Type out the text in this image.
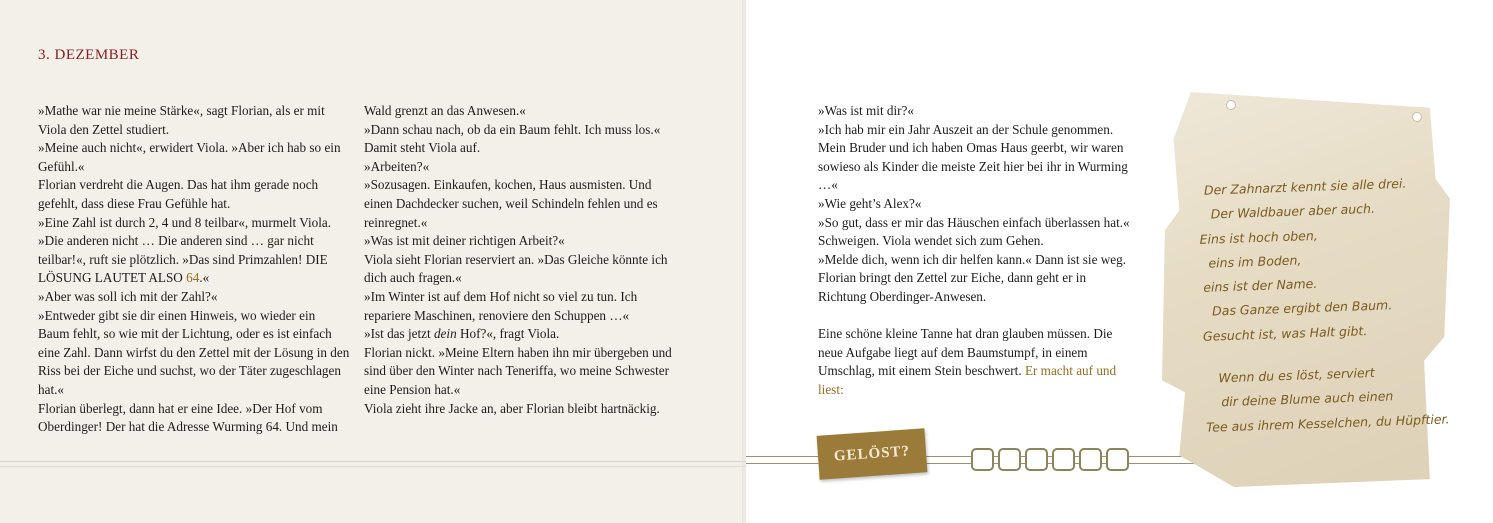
3. DEZEMBER

»Mathe war nie meine Stärke«, sagt Florian, als er mit Viola den Zettel studiert.

»Meine auch nicht«, erwidert Viola. »Aber ich hab so ein Gefühl.«

Florian verdreht die Augen. Das hat ihm gerade noch gefehlt, dass diese Frau Gefühle hat.

»Eine Zahl ist durch 2, 4 und 8 teilbar«, murmelt Viola.

»Die anderen nicht … Die anderen sind … gar nicht teilbar!«, ruft sie plötzlich. »Das sind Primzahlen! DIE LÖSUNG LAUTET ALSO 64.«

»Aber was soll ich mit der Zahl?«

»Entweder gibt sie dir einen Hinweis, wo wieder ein Baum fehlt, so wie mit der Lichtung, oder es ist einfach eine Zahl. Dann wirfst du den Zettel mit der Lösung in den Riss bei der Eiche und suchst, wo der Täter zugeschlagen hat.«

Florian überlegt, dann hat er eine Idee. »Der Hof vom Oberdinger! Der hat die Adresse Wurming 64. Und mein

Wald grenzt an das Anwesen.«

»Dann schau nach, ob da ein Baum fehlt. Ich muss los.« Damit steht Viola auf.

»Arbeiten?«

»Sozusagen. Einkaufen, kochen, Haus ausmisten. Und einen Dachdecker suchen, weil Schindeln fehlen und es reinregnet.«

»Was ist mit deiner richtigen Arbeit?«

Viola sieht Florian reserviert an. »Das Gleiche könnte ich dich auch fragen.«

»Im Winter ist auf dem Hof nicht so viel zu tun. Ich repariere Maschinen, renoviere den Schuppen …«

»Ist das jetzt dein Hof?«, fragt Viola.

Florian nickt. »Meine Eltern haben ihn mir übergeben und sind über den Winter nach Teneriffa, wo meine Schwester eine Pension hat.«

Viola zieht ihre Jacke an, aber Florian bleibt hartnäckig.

»Was ist mit dir?«

»Ich hab mir ein Jahr Auszeit an der Schule genommen. Mein Bruder und ich haben Omas Haus geerbt, wir waren sowieso als Kinder die meiste Zeit hier bei ihr in Wurming …«

»Wie geht’s Alex?«

»So gut, dass er mir das Häuschen einfach überlassen hat.« Schweigen. Viola wendet sich zum Gehen.

»Melde dich, wenn ich dir helfen kann.« Dann ist sie weg. Florian bringt den Zettel zur Eiche, dann geht er in Richtung Oberdinger-Anwesen.

Eine schöne kleine Tanne hat dran glauben müssen. Die neue Aufgabe liegt auf dem Baumstumpf, in einem Umschlag, mit einem Stein beschwert. Er macht auf und liest:

GELÖST?
Der Zahnarzt kennt sie alle drei.
Der Waldbauer aber auch.
Eins ist hoch oben,
eins im Boden,
eins ist der Name.
Das Ganze ergibt den Baum.
Gesucht ist, was Halt gibt.
Wenn du es löst, serviert
dir deine Blume auch einen
Tee aus ihrem Kesselchen, du Hüpftier.
